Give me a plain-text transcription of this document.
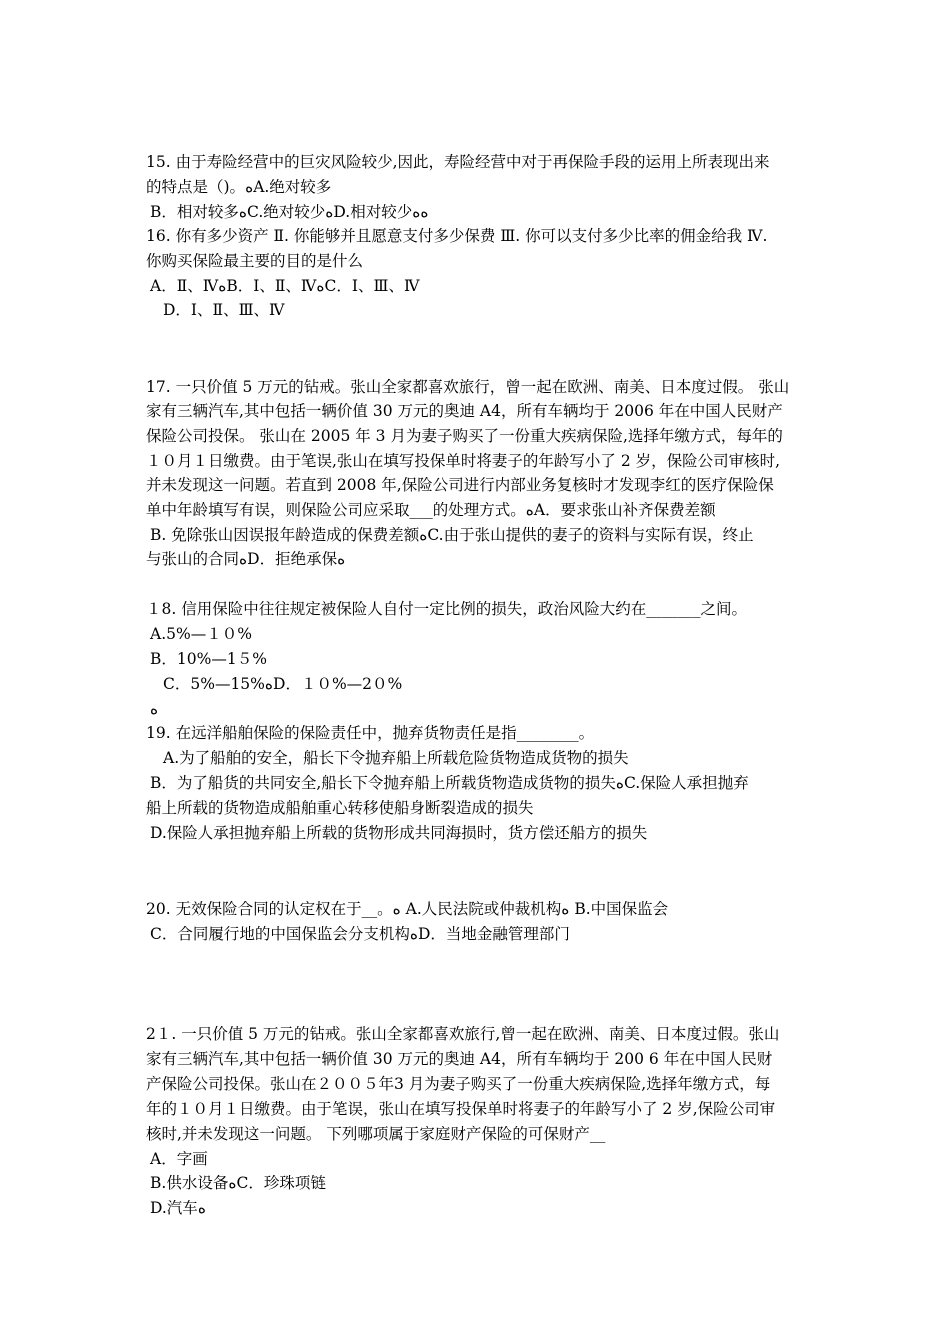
15. 由于寿险经营中的巨灾风险较少,因此，寿险经营中对于再保险手段的运用上所表现出来
的特点是（)。ﻩA.绝对较多
B．相对较多ﻩC.绝对较少ﻩD.相对较少ﻩﻩ
16. 你有多少资产 Ⅱ. 你能够并且愿意支付多少保费 Ⅲ. 你可以支付多少比率的佣金给我 Ⅳ.
你购买保险最主要的目的是什么
A．Ⅱ、ⅣﻩB．Ⅰ、Ⅱ、ⅣﻩC．Ⅰ、Ⅲ、Ⅳ
D．Ⅰ、Ⅱ、Ⅲ、Ⅳ
17. 一只价值 5 万元的钻戒。张山全家都喜欢旅行，曾一起在欧洲、南美、日本度过假。 张山
家有三辆汽车,其中包括一辆价值 30 万元的奥迪 A4，所有车辆均于 2006 年在中国人民财产
保险公司投保。 张山在 2005 年 3 月为妻子购买了一份重大疾病保险,选择年缴方式，每年的
１０月１日缴费。由于笔误,张山在填写投保单时将妻子的年龄写小了 2 岁，保险公司审核时,
并未发现这一问题。若直到 2008 年,保险公司进行内部业务复核时才发现李红的医疗保险保
单中年龄填写有误，则保险公司应采取___的处理方式。ﻩA．要求张山补齐保费差额
B. 免除张山因误报年龄造成的保费差额ﻩC.由于张山提供的妻子的资料与实际有误，终止
与张山的合同ﻩD．拒绝承保ﻩ
１8. 信用保险中往往规定被保险人自付一定比例的损失，政治风险大约在_______之间。
A.5%—１０%
B．10%—1５%
C．5%—15%ﻩD．１０%—2０%
ﻩ
19. 在远洋船舶保险的保险责任中，抛弃货物责任是指________。
A.为了船舶的安全，船长下令抛弃船上所载危险货物造成货物的损失
B．为了船货的共同安全,船长下令抛弃船上所载货物造成货物的损失ﻩC.保险人承担抛弃
船上所载的货物造成船舶重心转移使船身断裂造成的损失
D.保险人承担抛弃船上所载的货物形成共同海损时，货方偿还船方的损失
20. 无效保险合同的认定权在于__。ﻩ A.人民法院或仲裁机构ﻩ B.中国保监会
C．合同履行地的中国保监会分支机构ﻩD．当地金融管理部门
2１. 一只价值 5 万元的钻戒。张山全家都喜欢旅行,曾一起在欧洲、南美、日本度过假。张山
家有三辆汽车,其中包括一辆价值 30 万元的奥迪 A4，所有车辆均于 200 6 年在中国人民财
产保险公司投保。张山在２００５年3 月为妻子购买了一份重大疾病保险,选择年缴方式，每
年的１０月１日缴费。由于笔误，张山在填写投保单时将妻子的年龄写小了 2 岁,保险公司审
核时,并未发现这一问题。 下列哪项属于家庭财产保险的可保财产__
A．字画
B.供水设备ﻩC．珍珠项链
D.汽车ﻩ
